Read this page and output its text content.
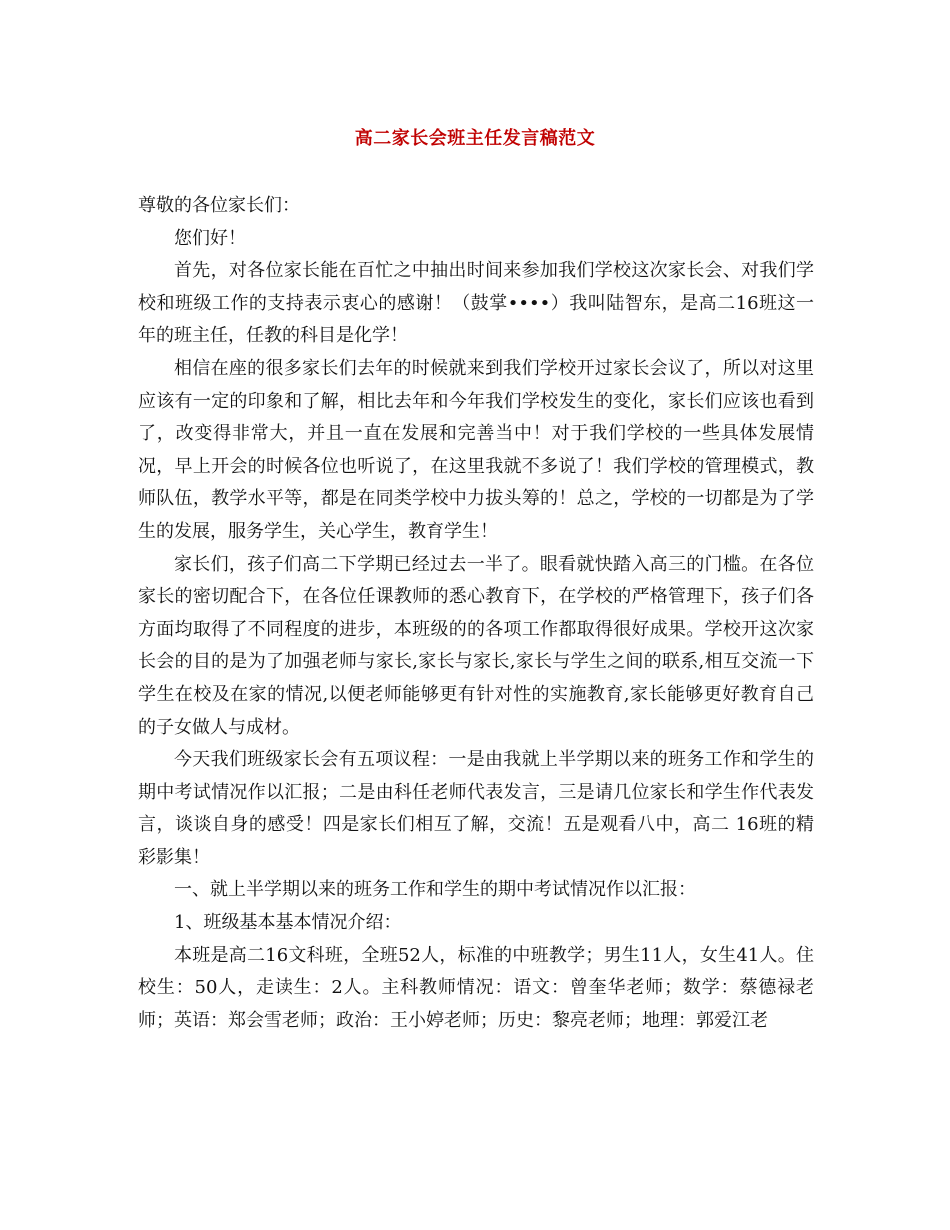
高二家长会班主任发言稿范文

尊敬的各位家长们：

您们好！

首先，对各位家长能在百忙之中抽出时间来参加我们学校这次家长会、对我们学校和班级工作的支持表示衷心的感谢！（鼓掌••••）我叫陆智东，是高二16班这一年的班主任，任教的科目是化学！

相信在座的很多家长们去年的时候就来到我们学校开过家长会议了，所以对这里应该有一定的印象和了解，相比去年和今年我们学校发生的变化，家长们应该也看到了，改变得非常大，并且一直在发展和完善当中！对于我们学校的一些具体发展情况，早上开会的时候各位也听说了，在这里我就不多说了！我们学校的管理模式，教师队伍，教学水平等，都是在同类学校中力拔头筹的！总之，学校的一切都是为了学生的发展，服务学生，关心学生，教育学生！

家长们，孩子们高二下学期已经过去一半了。眼看就快踏入高三的门槛。在各位家长的密切配合下，在各位任课教师的悉心教育下，在学校的严格管理下，孩子们各方面均取得了不同程度的进步，本班级的的各项工作都取得很好成果。学校开这次家长会的目的是为了加强老师与家长,家长与家长,家长与学生之间的联系,相互交流一下学生在校及在家的情况,以便老师能够更有针对性的实施教育,家长能够更好教育自己的子女做人与成材。

今天我们班级家长会有五项议程：一是由我就上半学期以来的班务工作和学生的期中考试情况作以汇报；二是由科任老师代表发言，三是请几位家长和学生作代表发言，谈谈自身的感受！四是家长们相互了解，交流！五是观看八中，高二 16班的精彩影集！

一、就上半学期以来的班务工作和学生的期中考试情况作以汇报：

1、班级基本基本情况介绍：

本班是高二16文科班，全班52人，标准的中班教学；男生11人，女生41人。住校生：50人，走读生：2人。主科教师情况：语文：曾奎华老师；数学：蔡德禄老师；英语：郑会雪老师；政治：王小婷老师；历史：黎亮老师；地理：郭爱江老
